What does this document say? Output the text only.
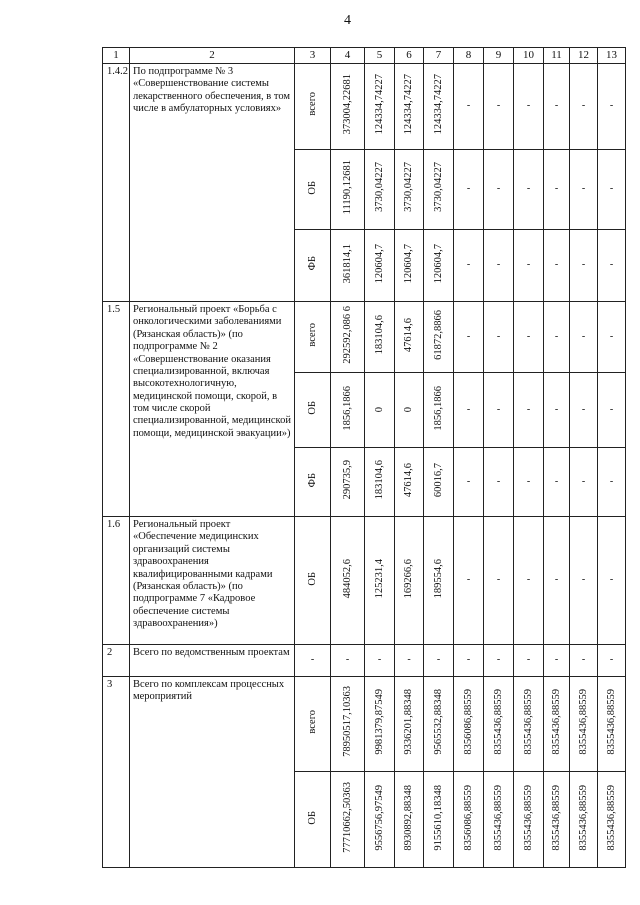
4
1	2	3	4	5	6	7	8	9	10	11	12	13
1.4.2	По подпрограмме № 3 «Совершенствование системы лекарственного обеспечения, в том числе в амбулаторных условиях»	всего	373004,22681	124334,74227	124334,74227	124334,74227	-	-	-	-	-	-
		ОБ	11190,12681	3730,04227	3730,04227	3730,04227	-	-	-	-	-	-
		ФБ	361814,1	120604,7	120604,7	120604,7	-	-	-	-	-	-
1.5	Региональный проект «Борьба с онкологическими заболеваниями (Рязанская область)» (по подпрограмме № 2 «Совершенствование оказания специализированной, включая высокотехнологичную, медицинской помощи, скорой, в том числе скорой специализированной, медицинской помощи, медицинской эвакуации»)	всего	292592,086 6	183104,6	47614,6	61872,8866	-	-	-	-	-	-
		ОБ	1856,1866	0	0	1856,1866	-	-	-	-	-	-
		ФБ	290735,9	183104,6	47614,6	60016,7	-	-	-	-	-	-
1.6	Региональный проект «Обеспечение медицинских организаций системы здравоохранения квалифицированными кадрами (Рязанская область)» (по подпрограмме 7 «Кадровое обеспечение системы здравоохранения»)	ОБ	484052,6	125231,4	169266,6	189554,6	-	-	-	-	-	-
2	Всего по ведомственным проектам	-	-	-	-	-	-	-	-	-	-	-
3	Всего по комплексам процессных мероприятий	всего	78950517,10363	9981379,87549	9336201,88348	9565532,88348	8356086,88559	8355436,88559	8355436,88559	8355436,88559	8355436,88559	8355436,88559
		ОБ	77710662,50363	9556756,97549	8930892,88348	9155610,18348	8356086,88559	8355436,88559	8355436,88559	8355436,88559	8355436,88559	8355436,88559
